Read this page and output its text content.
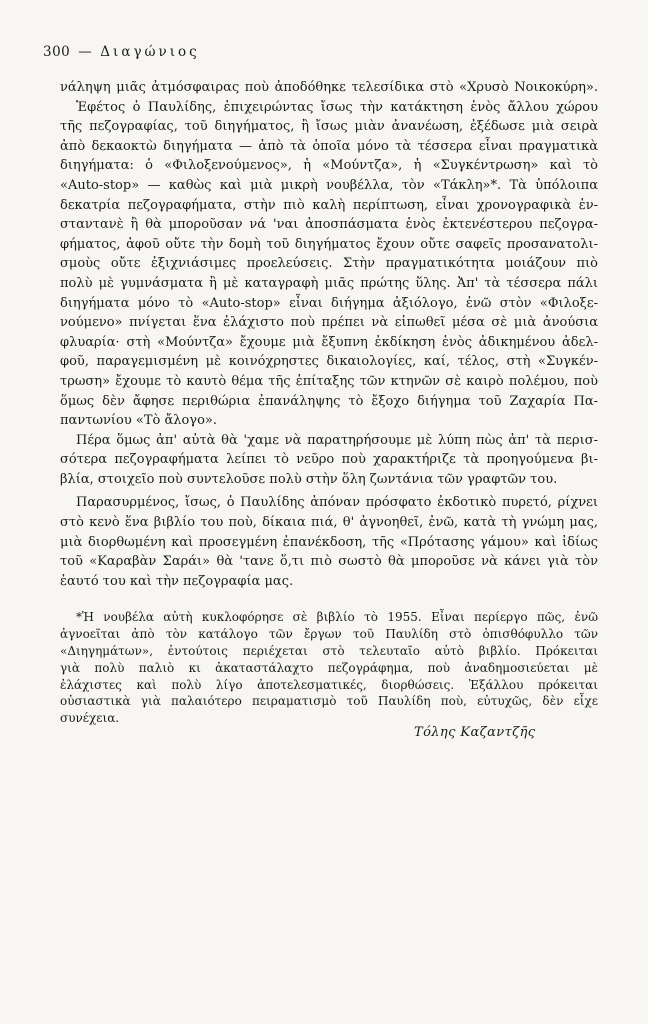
300 — Διαγώνιος
νάληψη μιᾶς ἀτμόσφαιρας ποὺ ἀποδόθηκε τελεσίδικα στὸ «Χρυσὸ Νοικοκύρη».
Ἐφέτος ὁ Παυλίδης, ἐπιχειρώντας ἴσως τὴν κατάκτηση ἑνὸς ἄλλου χώρου
τῆς πεζογραφίας, τοῦ διηγήματος, ἢ ἴσως μιὰν ἀνανέωση, ἐξέδωσε μιὰ σειρὰ
ἀπὸ δεκαοκτὼ διηγήματα — ἀπὸ τὰ ὁποῖα μόνο τὰ τέσσερα εἶναι πραγματικὰ
διηγήματα: ὁ «Φιλοξενούμενος», ἡ «Μούντζα», ἡ «Συγκέντρωση» καὶ τὸ
«Auto-stop» — καθὼς καὶ μιὰ μικρὴ νουβέλλα, τὸν «Τάκλη»*. Τὰ ὑπόλοιπα
δεκατρία πεζογραφήματα, στὴν πιὸ καλὴ περίπτωση, εἶναι χρονογραφικὰ ἐν-
σταντανὲ ἢ θὰ μποροῦσαν νά 'ναι ἀποσπάσματα ἑνὸς ἐκτενέστερου πεζογρα-
φήματος, ἀφοῦ οὔτε τὴν δομὴ τοῦ διηγήματος ἔχουν οὔτε σαφεῖς προσανατολι-
σμοὺς οὔτε ἐξιχνιάσιμες προελεύσεις. Στὴν πραγματικότητα μοιάζουν πιὸ
πολὺ μὲ γυμνάσματα ἢ μὲ καταγραφὴ μιᾶς πρώτης ὕλης. Ἀπ' τὰ τέσσερα πάλι
διηγήματα μόνο τὸ «Auto-stop» εἶναι διήγημα ἀξιόλογο, ἐνῶ στὸν «Φιλοξε-
νούμενο» πνίγεται ἕνα ἐλάχιστο ποὺ πρέπει νὰ εἰπωθεῖ μέσα σὲ μιὰ ἀνούσια
φλυαρία· στὴ «Μούντζα» ἔχουμε μιὰ ἔξυπνη ἐκδίκηση ἑνὸς ἀδικημένου ἀδελ-
φοῦ, παραγεμισμένη μὲ κοινόχρηστες δικαιολογίες, καί, τέλος, στὴ «Συγκέν-
τρωση» ἔχουμε τὸ καυτὸ θέμα τῆς ἐπίταξης τῶν κτηνῶν σὲ καιρὸ πολέμου, ποὺ
ὅμως δὲν ἄφησε περιθώρια ἐπανάληψης τὸ ἔξοχο διήγημα τοῦ Ζαχαρία Πα-
παντωνίου «Τὸ ἄλογο».
Πέρα ὅμως ἀπ' αὐτὰ θὰ 'χαμε νὰ παρατηρήσουμε μὲ λύπη πὼς ἀπ' τὰ περισ-
σότερα πεζογραφήματα λείπει τὸ νεῦρο ποὺ χαρακτήριζε τὰ προηγούμενα βι-
βλία, στοιχεῖο ποὺ συντελοῦσε πολὺ στὴν ὅλη ζωντάνια τῶν γραφτῶν του.
Παρασυρμένος, ἴσως, ὁ Παυλίδης ἀπόναν πρόσφατο ἐκδοτικὸ πυρετό, ρίχνει
στὸ κενὸ ἕνα βιβλίο του ποὺ, δίκαια πιά, θ' ἀγνοηθεῖ, ἐνῶ, κατὰ τὴ γνώμη μας,
μιὰ διορθωμένη καὶ προσεγμένη ἐπανέκδοση, τῆς «Πρότασης γάμου» καὶ ἰδίως
τοῦ «Καραβὰν Σαράι» θὰ 'τανε ὅ,τι πιὸ σωστὸ θὰ μποροῦσε νὰ κάνει γιὰ τὸν
ἑαυτό του καὶ τὴν πεζογραφία μας.
*Ἡ νουβέλα αὐτὴ κυκλοφόρησε σὲ βιβλίο τὸ 1955. Εἶναι περίεργο πῶς, ἐνῶ
ἀγνοεῖται ἀπὸ τὸν κατάλογο τῶν ἔργων τοῦ Παυλίδη στὸ ὀπισθόφυλλο τῶν
«Διηγημάτων», ἐντούτοις περιέχεται στὸ τελευταῖο αὐτὸ βιβλίο. Πρόκειται
γιὰ πολὺ παλιὸ κι ἀκαταστάλαχτο πεζογράφημα, ποὺ ἀναδημοσιεύεται μὲ
ἐλάχιστες καὶ πολὺ λίγο ἀποτελεσματικές, διορθώσεις. Ἐξάλλου πρόκειται
οὐσιαστικὰ γιὰ παλαιότερο πειραματισμὸ τοῦ Παυλίδη ποὺ, εὐτυχῶς, δὲν εἶχε
συνέχεια.
Τόλης Καζαντζῆς
